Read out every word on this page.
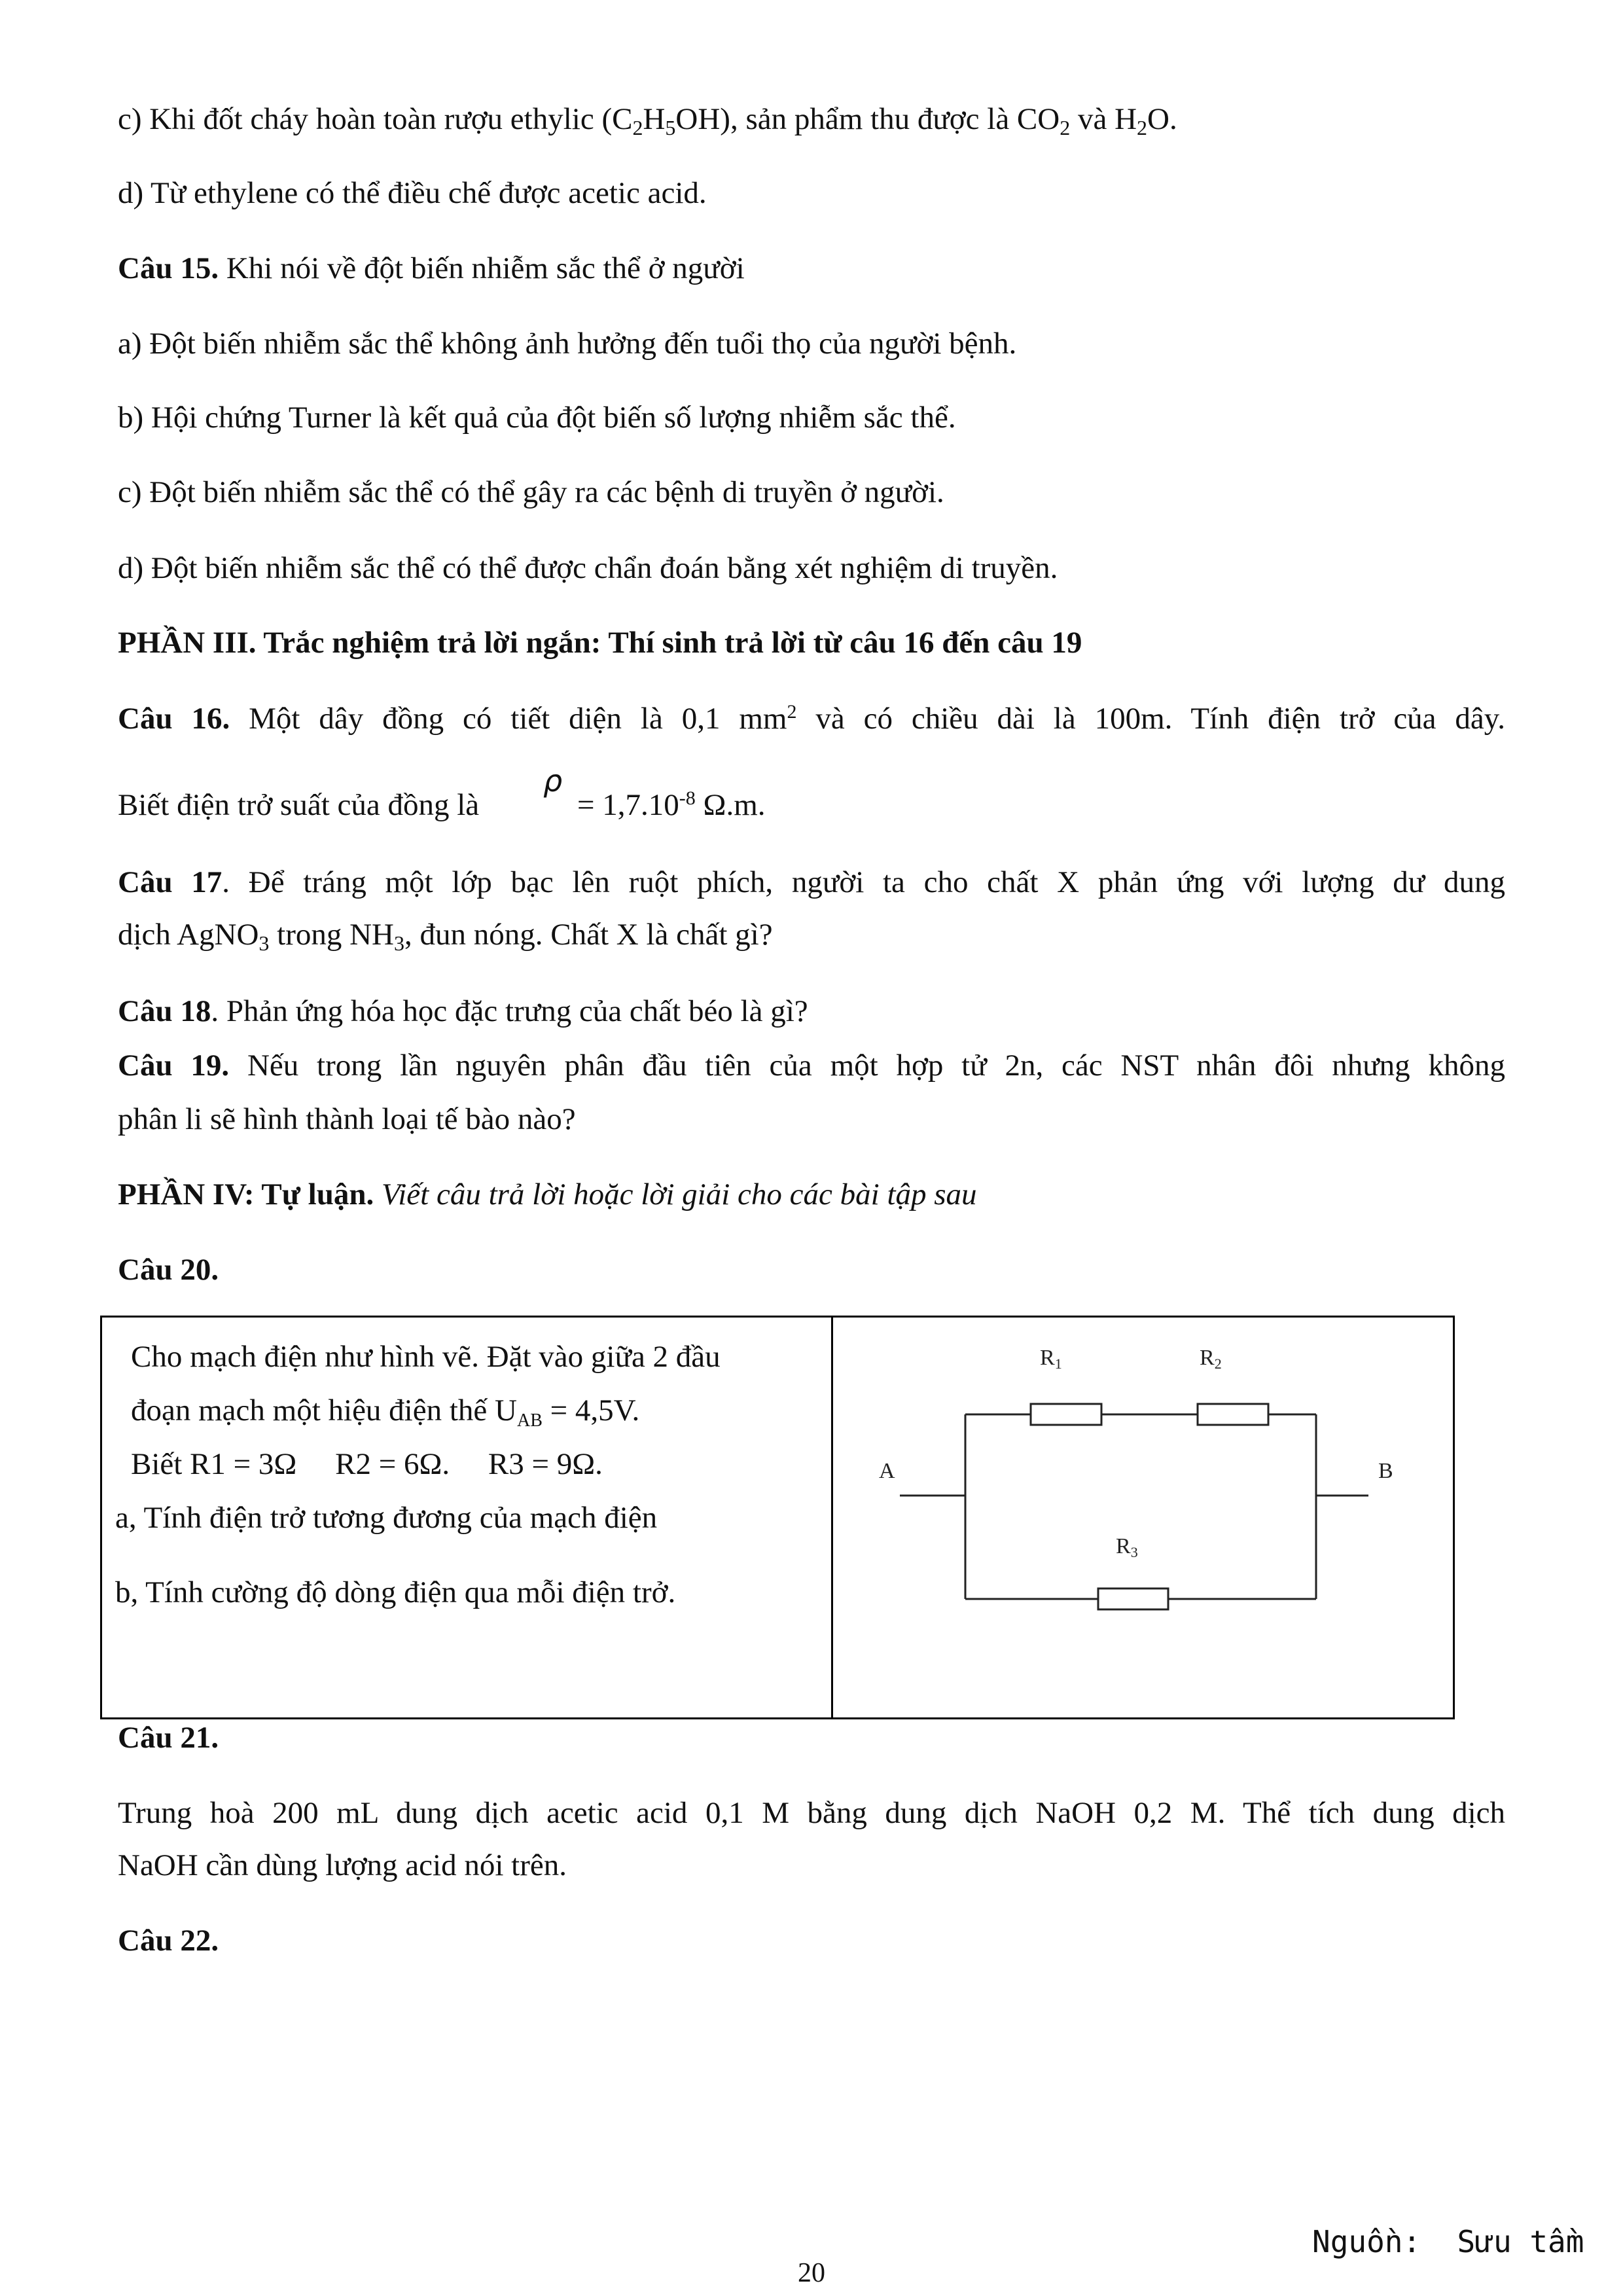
c) Khi đốt cháy hoàn toàn rượu ethylic $(C_2H_5OH)$, sản phẩm thu được là $CO_2$ và $H_2O$.
d) Từ ethylene có thể điều chế được acetic acid.
Câu 15. Khi nói về đột biến nhiễm sắc thể ở người
a) Đột biến nhiễm sắc thể không ảnh hưởng đến tuổi thọ của người bệnh.
b) Hội chứng Turner là kết quả của đột biến số lượng nhiễm sắc thể.
c) Đột biến nhiễm sắc thể có thể gây ra các bệnh di truyền ở người.
d) Đột biến nhiễm sắc thể có thể được chẩn đoán bằng xét nghiệm di truyền.
PHẦN III. Trắc nghiệm trả lời ngắn: Thí sinh trả lời từ câu 16 đến câu 19
Câu 16. Một dây đồng có tiết diện là 0,1 $mm^2$ và có chiều dài là 100m. Tính điện trở của dây.
Biết điện trở suất của đồng là
ρ
= $1,7.10^{-8}$ Ω.m.
Câu 17. Để tráng một lớp bạc lên ruột phích, người ta cho chất X phản ứng với lượng dư dung
dịch AgNO$_3$ trong $NH_3$, đun nóng. Chất X là chất gì?
Câu 18. Phản ứng hóa học đặc trưng của chất béo là gì?
Câu 19. Nếu trong lần nguyên phân đầu tiên của một hợp tử 2n, các NST nhân đôi nhưng không
phân li sẽ hình thành loại tế bào nào?
PHẦN IV: Tự luận. Viết câu trả lời hoặc lời giải cho các bài tập sau
Câu 20.
Cho mạch điện như hình vẽ. Đặt vào giữa 2 đầu
đoạn mạch một hiệu điện thế $U_{AB} = 4,5V$.
Biết R1 = 3Ω     R2 = 6Ω.     R3 = 9Ω.
a, Tính điện trở tương đương của mạch điện
b, Tính cường độ dòng điện qua mỗi điện trở.

R1	R2
R3
A	B
Câu 21.
Trung hoà 200 mL dung dịch acetic acid 0,1 M bằng dung dịch NaOH 0,2 M. Thể tích dung dịch
NaOH cần dùng lượng acid nói trên.
Câu 22.
Nguồn:  Sưu tầm
20
